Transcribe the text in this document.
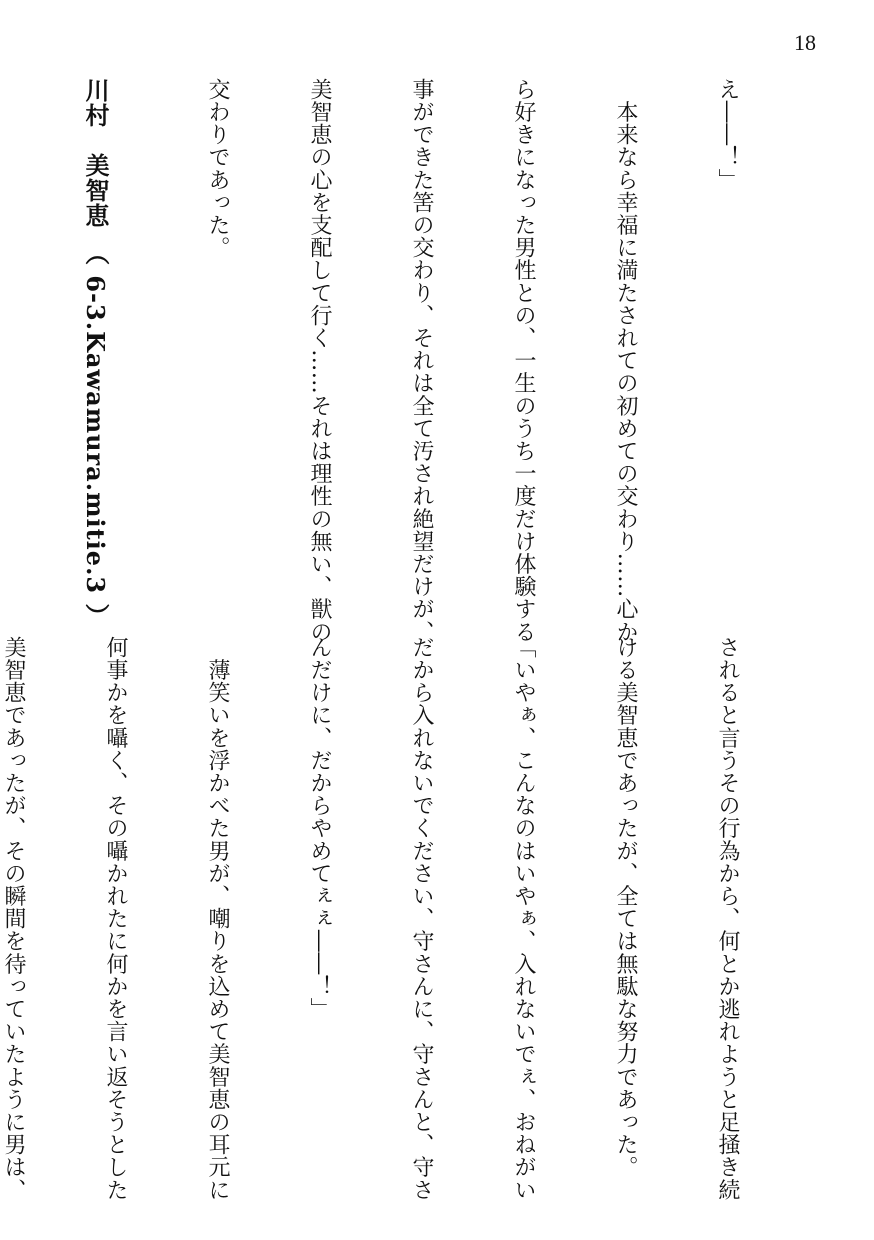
18

え――！」

　本来なら幸福に満たされての初めての交わり……心か

ら好きになった男性との、一生のうち一度だけ体験する

事ができた筈の交わり、それは全て汚され絶望だけが、

美智恵の心を支配して行く……それは理性の無い、獣の

交わりであった。

川村　美智恵　（ 6-3.Kawamura.mitie.3 ）

されると言うその行為から、何とか逃れようと足掻き続

ける美智恵であったが、全ては無駄な努力であった。

「いやぁ、こんなのはいやぁ、入れないでぇ、おねがい

だから入れないでください、守さんに、守さんと、守さ

んだけに、だからやめてぇぇ――！」

　薄笑いを浮かべた男が、嘲りを込めて美智恵の耳元に

何事かを囁く、その囁かれたに何かを言い返そうとした

美智恵であったが、その瞬間を待っていたように男は、
